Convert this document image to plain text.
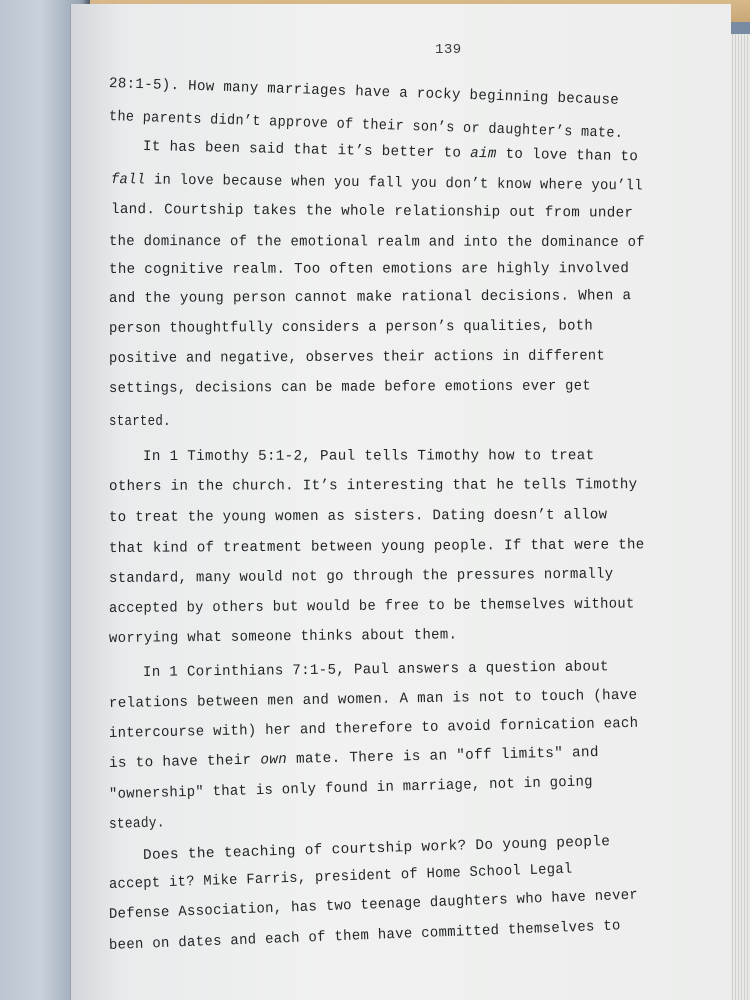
139
28:1-5). How many marriages have a rocky beginning because
the parents didn’t approve of their son’s or daughter’s mate.
It has been said that it’s better to aim to love than to
fall in love because when you fall you don’t know where you’ll
land. Courtship takes the whole relationship out from under
the dominance of the emotional realm and into the dominance of
the cognitive realm. Too often emotions are highly involved
and the young person cannot make rational decisions. When a
person thoughtfully considers a person’s qualities, both
positive and negative, observes their actions in different
settings, decisions can be made before emotions ever get
started.
In 1 Timothy 5:1-2, Paul tells Timothy how to treat
others in the church. It’s interesting that he tells Timothy
to treat the young women as sisters. Dating doesn’t allow
that kind of treatment between young people. If that were the
standard, many would not go through the pressures normally
accepted by others but would be free to be themselves without
worrying what someone thinks about them.
In 1 Corinthians 7:1-5, Paul answers a question about
relations between men and women. A man is not to touch (have
intercourse with) her and therefore to avoid fornication each
is to have their own mate. There is an "off limits" and
"ownership" that is only found in marriage, not in going
steady.
Does the teaching of courtship work? Do young people
accept it? Mike Farris, president of Home School Legal
Defense Association, has two teenage daughters who have never
been on dates and each of them have committed themselves to
